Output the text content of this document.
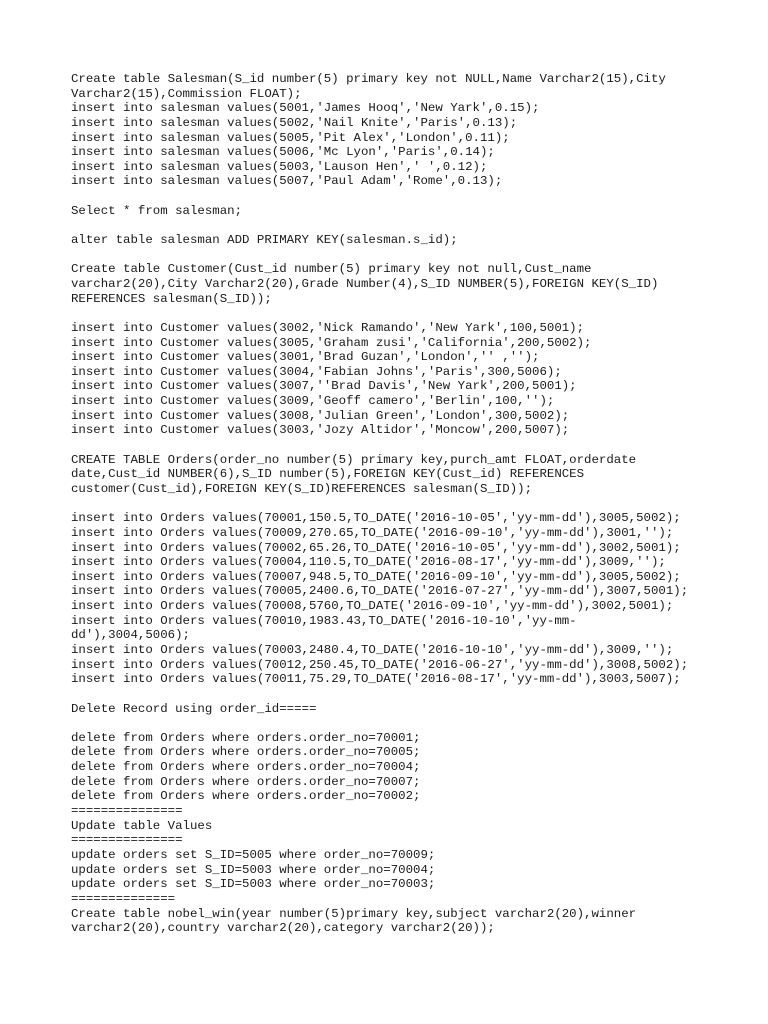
Create table Salesman(S_id number(5) primary key not NULL,Name Varchar2(15),City
Varchar2(15),Commission FLOAT);
insert into salesman values(5001,'James Hooq','New Yark',0.15);
insert into salesman values(5002,'Nail Knite','Paris',0.13);
insert into salesman values(5005,'Pit Alex','London',0.11);
insert into salesman values(5006,'Mc Lyon','Paris',0.14);
insert into salesman values(5003,'Lauson Hen',' ',0.12);
insert into salesman values(5007,'Paul Adam','Rome',0.13);
Select * from salesman;
alter table salesman ADD PRIMARY KEY(salesman.s_id);
Create table Customer(Cust_id number(5) primary key not null,Cust_name
varchar2(20),City Varchar2(20),Grade Number(4),S_ID NUMBER(5),FOREIGN KEY(S_ID)
REFERENCES salesman(S_ID));
insert into Customer values(3002,'Nick Ramando','New Yark',100,5001);
insert into Customer values(3005,'Graham zusi','California',200,5002);
insert into Customer values(3001,'Brad Guzan','London','' ,'');
insert into Customer values(3004,'Fabian Johns','Paris',300,5006);
insert into Customer values(3007,''Brad Davis','New Yark',200,5001);
insert into Customer values(3009,'Geoff camero','Berlin',100,'');
insert into Customer values(3008,'Julian Green','London',300,5002);
insert into Customer values(3003,'Jozy Altidor','Moncow',200,5007);
CREATE TABLE Orders(order_no number(5) primary key,purch_amt FLOAT,orderdate
date,Cust_id NUMBER(6),S_ID number(5),FOREIGN KEY(Cust_id) REFERENCES
customer(Cust_id),FOREIGN KEY(S_ID)REFERENCES salesman(S_ID));
insert into Orders values(70001,150.5,TO_DATE('2016-10-05','yy-mm-dd'),3005,5002);
insert into Orders values(70009,270.65,TO_DATE('2016-09-10','yy-mm-dd'),3001,'');
insert into Orders values(70002,65.26,TO_DATE('2016-10-05','yy-mm-dd'),3002,5001);
insert into Orders values(70004,110.5,TO_DATE('2016-08-17','yy-mm-dd'),3009,'');
insert into Orders values(70007,948.5,TO_DATE('2016-09-10','yy-mm-dd'),3005,5002);
insert into Orders values(70005,2400.6,TO_DATE('2016-07-27','yy-mm-dd'),3007,5001);
insert into Orders values(70008,5760,TO_DATE('2016-09-10','yy-mm-dd'),3002,5001);
insert into Orders values(70010,1983.43,TO_DATE('2016-10-10','yy-mm-
dd'),3004,5006);
insert into Orders values(70003,2480.4,TO_DATE('2016-10-10','yy-mm-dd'),3009,'');
insert into Orders values(70012,250.45,TO_DATE('2016-06-27','yy-mm-dd'),3008,5002);
insert into Orders values(70011,75.29,TO_DATE('2016-08-17','yy-mm-dd'),3003,5007);
Delete Record using order_id=====
delete from Orders where orders.order_no=70001;
delete from Orders where orders.order_no=70005;
delete from Orders where orders.order_no=70004;
delete from Orders where orders.order_no=70007;
delete from Orders where orders.order_no=70002;
===============
Update table Values
===============
update orders set S_ID=5005 where order_no=70009;
update orders set S_ID=5003 where order_no=70004;
update orders set S_ID=5003 where order_no=70003;
==============
Create table nobel_win(year number(5)primary key,subject varchar2(20),winner
varchar2(20),country varchar2(20),category varchar2(20));
